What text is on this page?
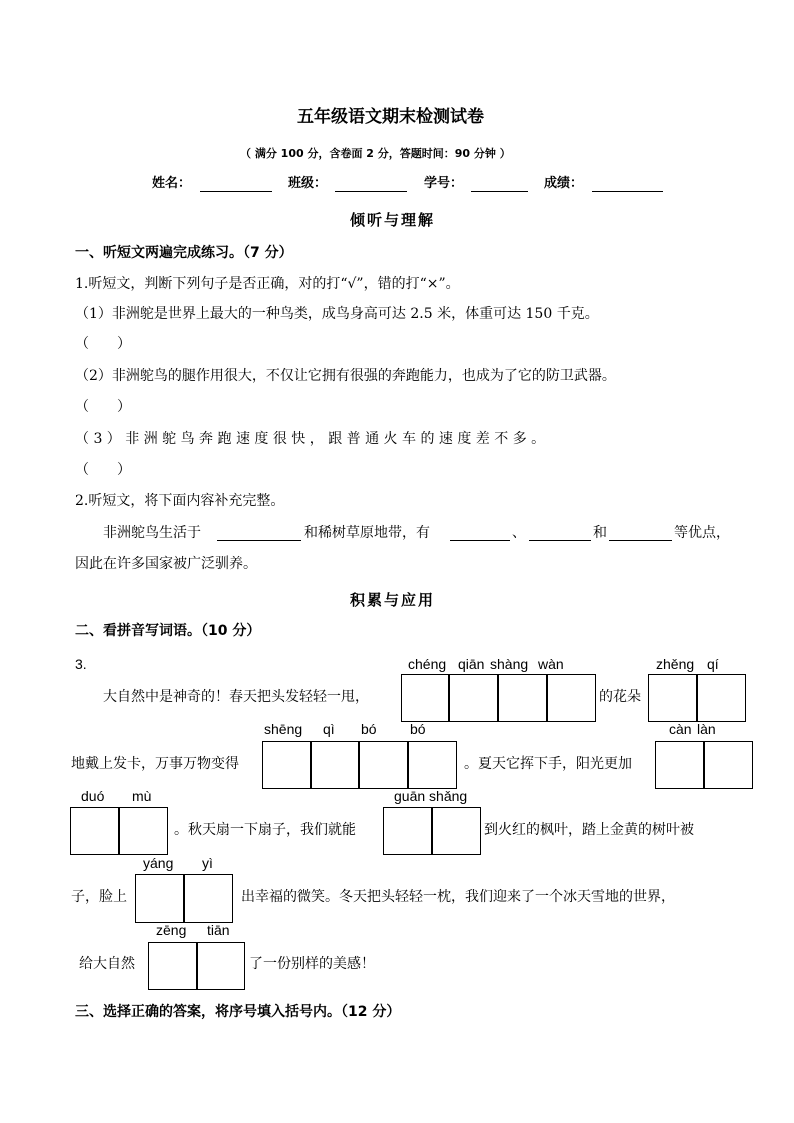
五年级语文期末检测试卷
（ 满分 100 分，含卷面 2 分，答题时间：90 分钟 ）
姓名：	班级：	学号：	成绩：
倾听与理解
一、听短文两遍完成练习。（7 分）
1.听短文，判断下列句子是否正确，对的打“√”，错的打“×”。
（1）非洲鸵是世界上最大的一种鸟类，成鸟身高可达 2.5 米，体重可达 150 千克。
（　　）
（2）非洲鸵鸟的腿作用很大，不仅让它拥有很强的奔跑能力，也成为了它的防卫武器。
（　　）
（ 3 ） 非 洲 鸵 鸟 奔 跑 速 度 很 快 ， 跟 普 通 火 车 的 速 度 差 不 多 。
（　　）
2.听短文，将下面内容补充完整。
非洲鸵鸟生活于	和稀树草原地带，有	、	和	等优点，
因此在许多国家被广泛驯养。
积累与应用
二、看拼音写词语。（10 分）
3.	chéng qiān shàng wàn	zhěng qí
大自然中是神奇的！春天把头发轻轻一甩，	的花朵
shēng qì bó bó	càn làn
地戴上发卡，万事万物变得	。夏天它挥下手，阳光更加
duó mù	guān shǎng
。秋天扇一下扇子，我们就能	到火红的枫叶，踏上金黄的树叶被
yáng yì
子，脸上	出幸福的微笑。冬天把头轻轻一枕，我们迎来了一个冰天雪地的世界，
zēng tiān
给大自然	了一份别样的美感！
三、选择正确的答案，将序号填入括号内。（12 分）
